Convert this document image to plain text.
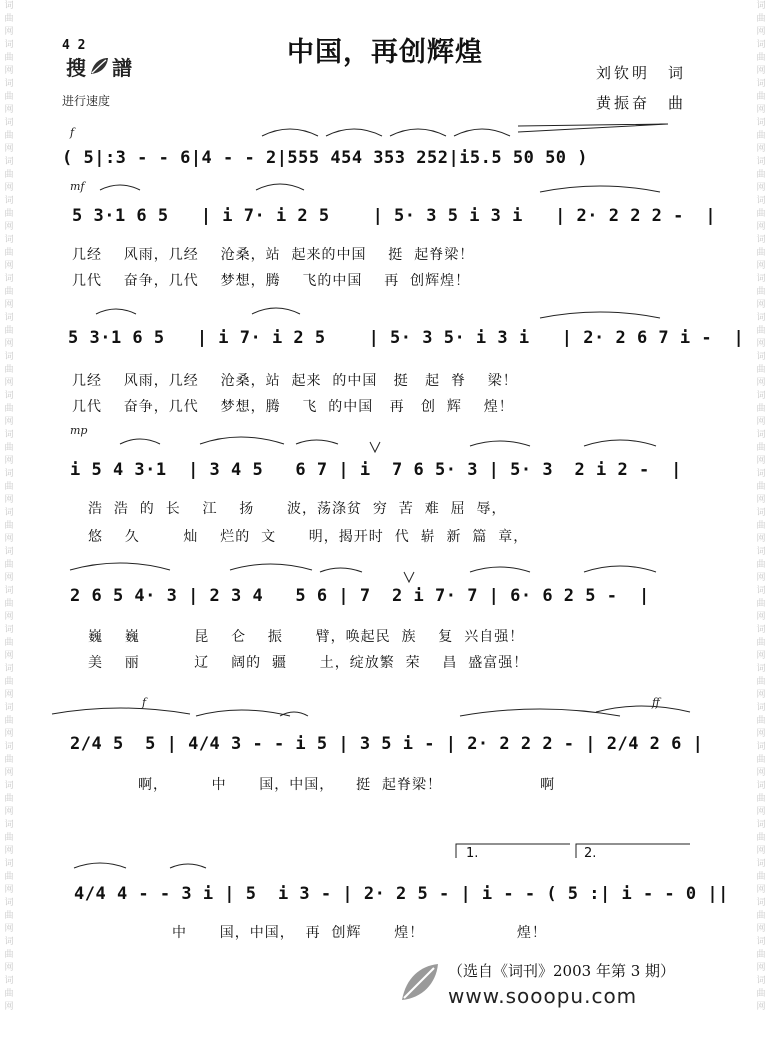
词
曲
网
词
曲
网
词
曲
网
词
曲
网
词
曲
网
词
曲
网
词
曲
网
词
曲
网
词
曲
网
词
曲
网
词
曲
网
词
曲
网
词
曲
网
词
曲
网
词
曲
网
词
曲
网
词
曲
网
词
曲
网
词
曲
网
词
曲
网
词
曲
网
词
曲
网
词
曲
网
词
曲
网
词
曲
网
词
曲
网
词
曲
网
词
曲
网
词
曲
网
词
曲
网
词
曲
网
词
曲
网
词
曲
网
词
曲
网
词
曲
网
词
曲
网
词
曲
网
词
曲
网
词
曲
网
词
曲
网
词
曲
网
词
曲
网
词
曲
网
词
曲
网
词
曲
网
词
曲
网
词
曲
网
词
曲
网
词
曲
网
词
曲
网
词
曲
网
词
曲
网
4 2
搜 譜
进行速度
中国，再创辉煌
刘钦明　词
黄振奋　曲
f
mf
mp
f	ff
( 5|:3 - - 6|4 - - 2|555 454 353 252|i5.5 50 50 )
5 3·1 6 5   | i 7· i 2 5    | 5· 3 5 i 3 i   | 2· 2 2 2 -  |
几经    风雨，几经    沧桑，站  起来的中国    挺  起脊梁！
几代    奋争，几代    梦想，腾    飞的中国    再  创辉煌！
5 3·1 6 5   | i 7· i 2 5    | 5· 3 5· i 3 i   | 2· 2 6 7 i -  |
几经    风雨，几经    沧桑，站  起来  的中国   挺   起  脊    梁！
几代    奋争，几代    梦想，腾    飞  的中国   再   创  辉    煌！
i 5 4 3·1  | 3 4 5   6 7 | i  7 6 5· 3 | 5· 3  2 i 2 -  |
浩  浩  的  长    江    扬      波，荡涤贫  穷  苦  难  屈  辱，
悠    久        灿    烂的  文      明，揭开时  代  崭  新  篇  章，
2 6 5 4· 3 | 2 3 4   5 6 | 7  2 i 7· 7 | 6· 6 2 5 -  |
巍    巍          昆    仑    振      臂，唤起民  族    复  兴自强！
美    丽          辽    阔的  疆      土，绽放繁  荣    昌  盛富强！
2/4 5  5 | 4/4 3 - - i 5 | 3 5 i - | 2· 2 2 2 - | 2/4 2 6 |
啊，        中      国，中国，    挺  起脊梁！                  啊
4/4 4 - - 3 i | 5  i 3 - | 2· 2 5 - | i - - ( 5 :| i - - 0 ||
中      国，中国，  再  创辉      煌！                 煌！
1.	2.
（选自《词刊》2003 年第 3 期）
www.sooopu.com
